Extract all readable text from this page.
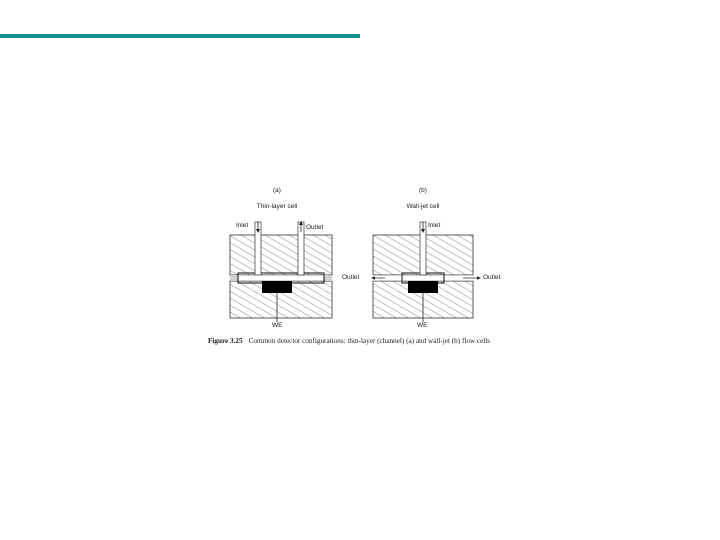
(a)
Thin-layer cell
Inlet	Outlet
WE
(b)
Wall-jet cell
Inlet
Outlet	Outlet
WE
Figure 3.25 Common detector configurations: thin-layer (channel) (a) and wall-jet (b) flow cells
